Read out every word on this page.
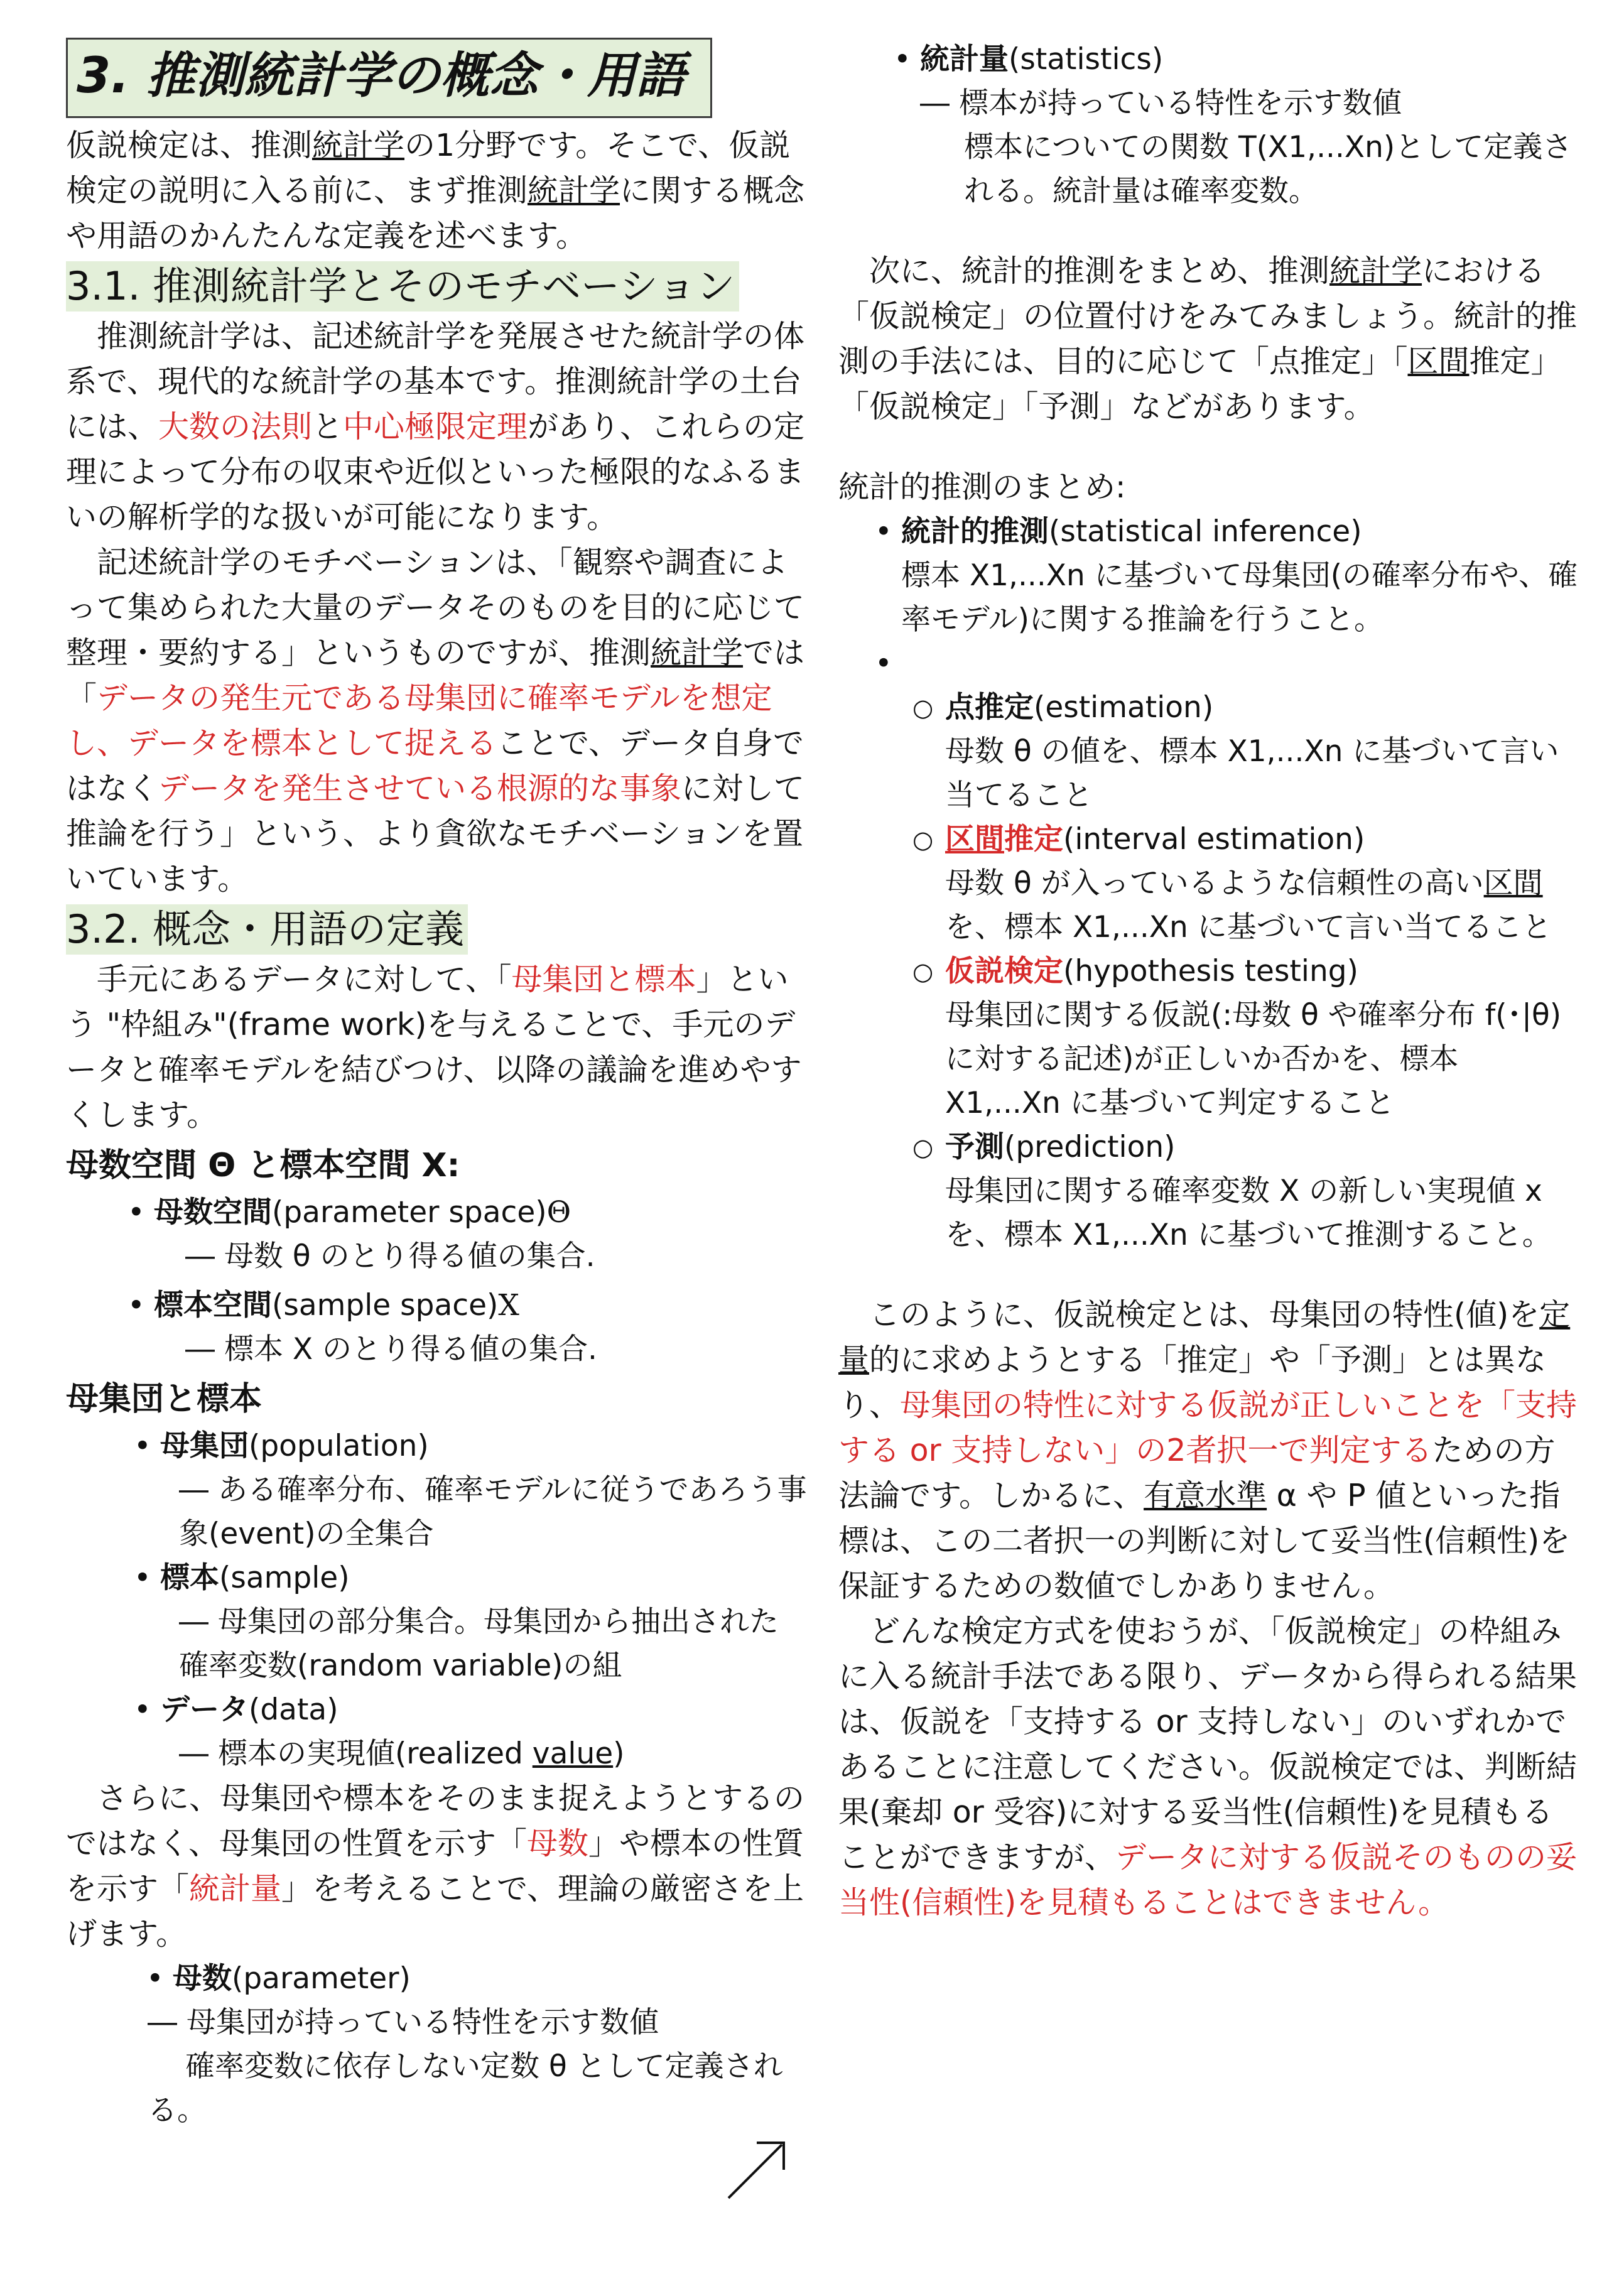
3. 推測統計学の概念・用語

仮説検定は、推測統計学の1分野です。そこで、仮説検定の説明に入る前に、まず推測統計学に関する概念や用語のかんたんな定義を述べます。

3.1. 推測統計学とそのモチベーション

　推測統計学は、記述統計学を発展させた統計学の体系で、現代的な統計学の基本です。推測統計学の土台には、大数の法則と中心極限定理があり、これらの定理によって分布の収束や近似といった極限的なふるまいの解析学的な扱いが可能になります。

　記述統計学のモチベーションは、「観察や調査によって集められた大量のデータそのものを目的に応じて整理・要約する」というものですが、推測統計学では「データの発生元である母集団に確率モデルを想定し、データを標本として捉えることで、データ自身ではなくデータを発生させている根源的な事象に対して推論を行う」という、より貪欲なモチベーションを置いています。

3.2. 概念・用語の定義

　手元にあるデータに対して、「母集団と標本」という "枠組み"(frame work)を与えることで、手元のデータと確率モデルを結びつけ、以降の議論を進めやすくします。

母数空間 Θ と標本空間 X:
• 母数空間(parameter space)Θ
― 母数 θ のとり得る値の集合.
• 標本空間(sample space)X
― 標本 X のとり得る値の集合.
母集団と標本
• 母集団(population)
― ある確率分布、確率モデルに従うであろう事象(event)の全集合
• 標本(sample)
― 母集団の部分集合。母集団から抽出された確率変数(random variable)の組
• データ(data)
― 標本の実現値(realized value)

　さらに、母集団や標本をそのまま捉えようとするのではなく、母集団の性質を示す「母数」や標本の性質を示す「統計量」を考えることで、理論の厳密さを上げます。

• 母数(parameter)
― 母集団が持っている特性を示す数値
確率変数に依存しない定数 θ として定義される。
• 統計量(statistics)
― 標本が持っている特性を示す数値
標本についての関数 T(X1,...Xn)として定義される。統計量は確率変数。

　次に、統計的推測をまとめ、推測統計学における「仮説検定」の位置付けをみてみましょう。統計的推測の手法には、目的に応じて「点推定」「区間推定」「仮説検定」「予測」などがあります。

統計的推測のまとめ:

• 統計的推測(statistical inference)
標本 X1,...Xn に基づいて母集団(の確率分布や、確率モデル)に関する推論を行うこと。
•
○ 点推定(estimation)
母数 θ の値を、標本 X1,...Xn に基づいて言い当てること
○ 区間推定(interval estimation)
母数 θ が入っているような信頼性の高い区間を、標本 X1,...Xn に基づいて言い当てること
○ 仮説検定(hypothesis testing)
母集団に関する仮説(:母数 θ や確率分布 f(･|θ)に対する記述)が正しいか否かを、標本 X1,...Xn に基づいて判定すること
○ 予測(prediction)
母集団に関する確率変数 X の新しい実現値 x を、標本 X1,...Xn に基づいて推測すること。

　このように、仮説検定とは、母集団の特性(値)を定量的に求めようとする「推定」や「予測」とは異なり、母集団の特性に対する仮説が正しいことを「支持する or 支持しない」の2者択一で判定するための方法論です。しかるに、有意水準 α や P 値といった指標は、この二者択一の判断に対して妥当性(信頼性)を保証するための数値でしかありません。

　どんな検定方式を使おうが、「仮説検定」の枠組みに入る統計手法である限り、データから得られる結果は、仮説を「支持する or 支持しない」のいずれかであることに注意してください。仮説検定では、判断結果(棄却 or 受容)に対する妥当性(信頼性)を見積もることができますが、データに対する仮説そのものの妥当性(信頼性)を見積もることはできません。
